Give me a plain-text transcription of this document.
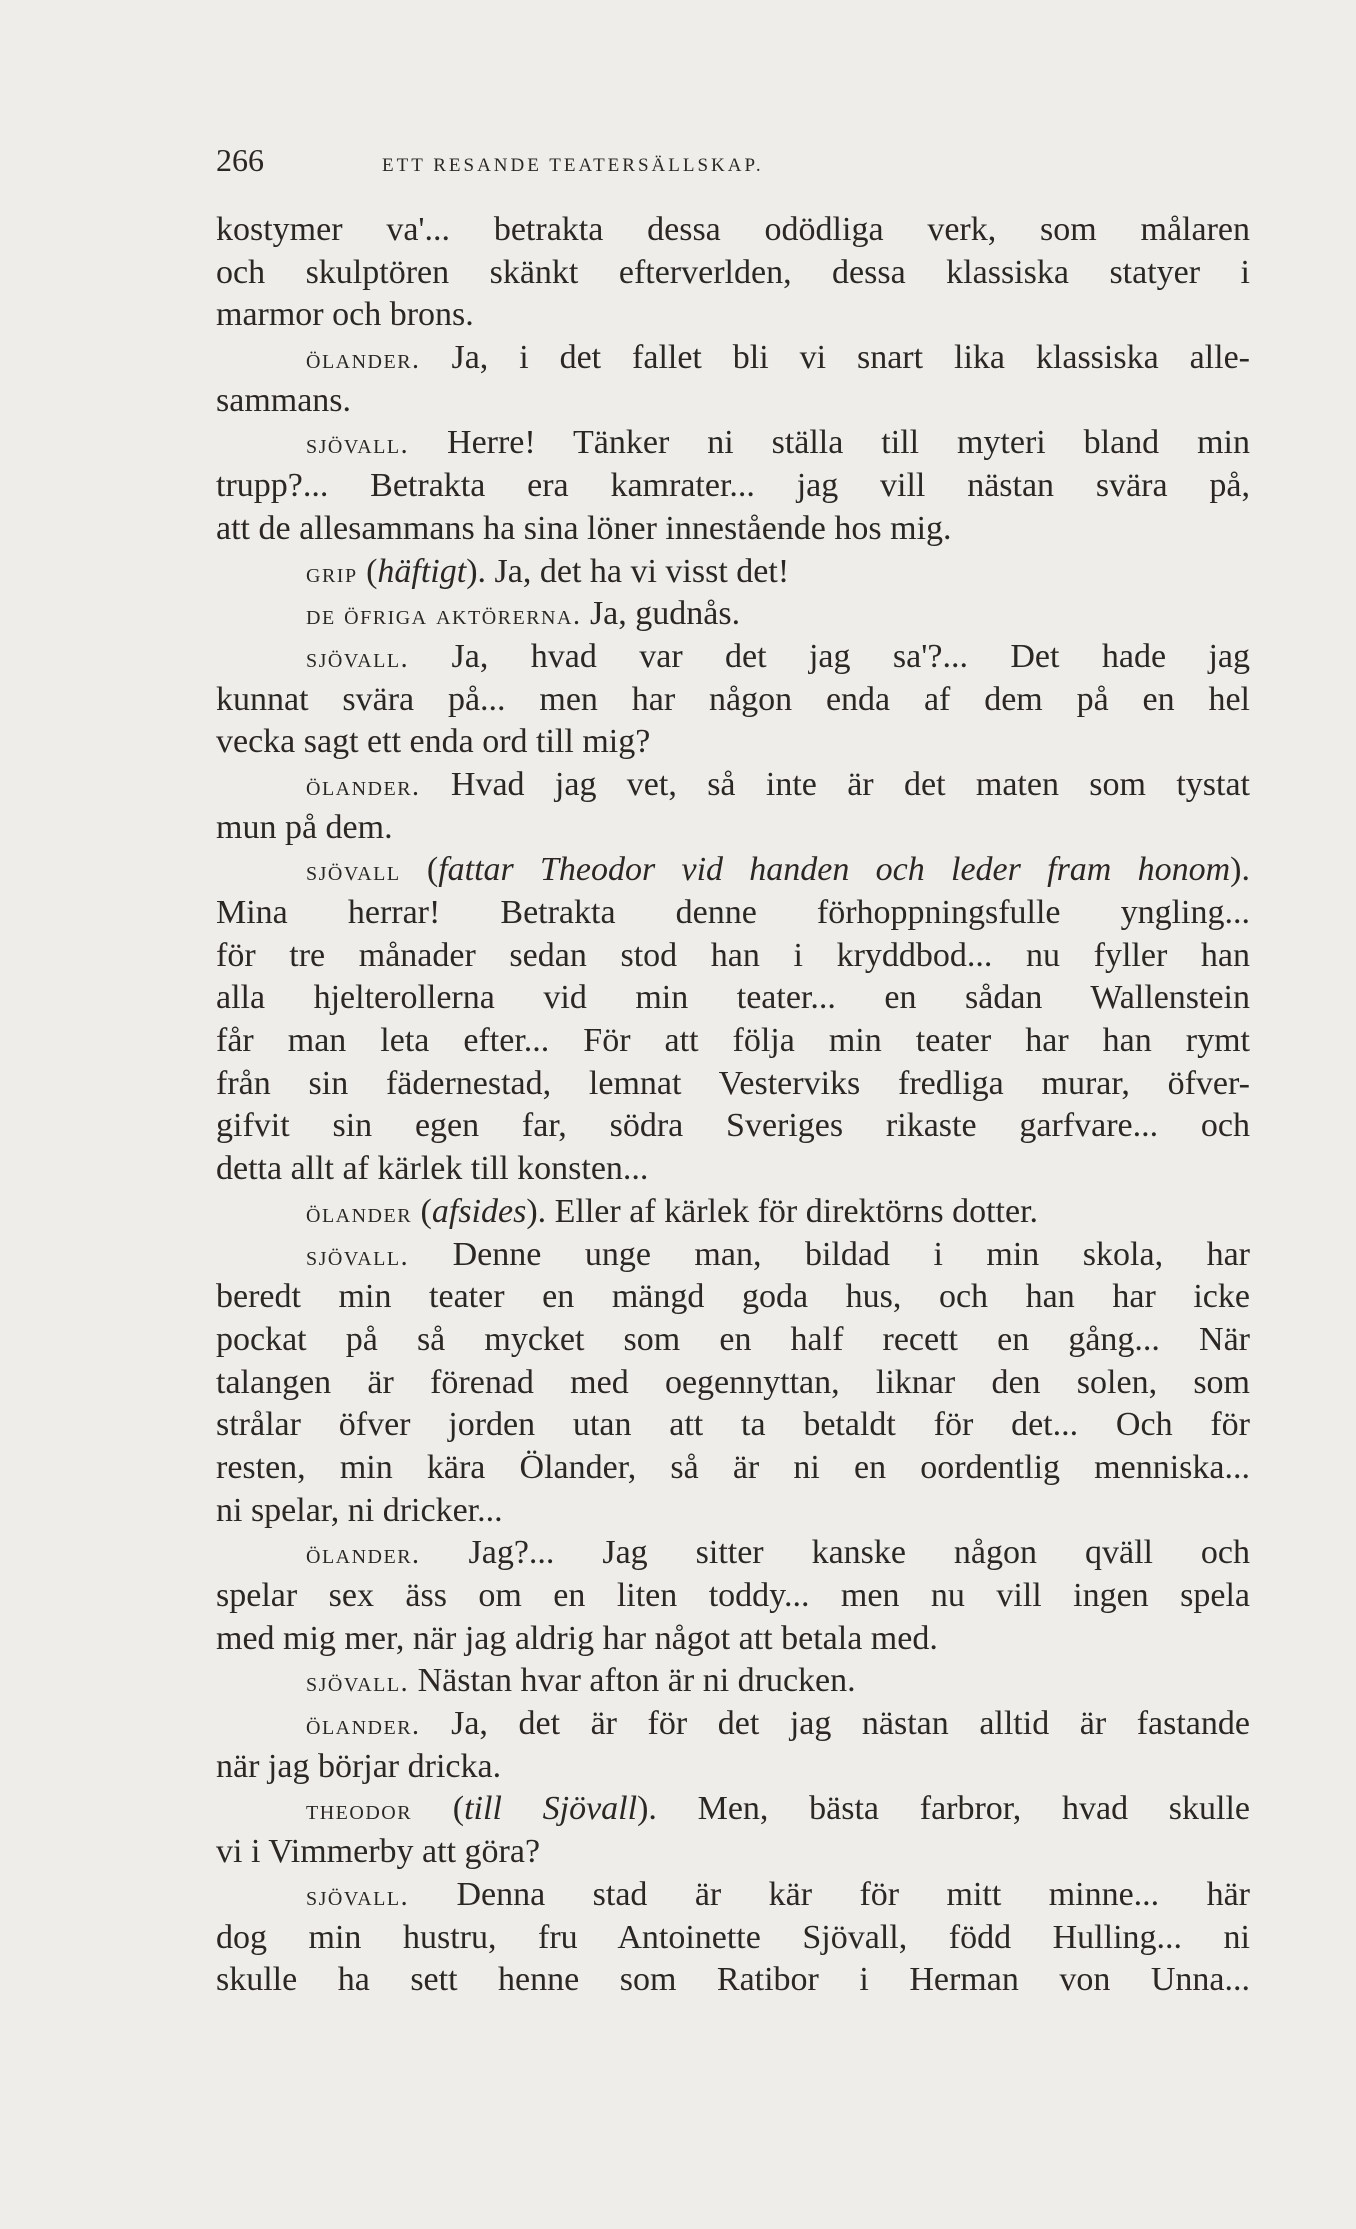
266	ETT RESANDE TEATERSÄLLSKAP.
kostymer va'... betrakta dessa odödliga verk, som målaren
och skulptören skänkt efterverlden, dessa klassiska statyer i
marmor och brons.
ölander. Ja, i det fallet bli vi snart lika klassiska alle-
sammans.
sjövall. Herre! Tänker ni ställa till myteri bland min
trupp?... Betrakta era kamrater... jag vill nästan svära på,
att de allesammans ha sina löner innestående hos mig.
grip (häftigt). Ja, det ha vi visst det!
de öfriga aktörerna. Ja, gudnås.
sjövall. Ja, hvad var det jag sa'?... Det hade jag
kunnat svära på... men har någon enda af dem på en hel
vecka sagt ett enda ord till mig?
ölander. Hvad jag vet, så inte är det maten som tystat
mun på dem.
sjövall (fattar Theodor vid handen och leder fram honom).
Mina herrar! Betrakta denne förhoppningsfulle yngling...
för tre månader sedan stod han i kryddbod... nu fyller han
alla hjelterollerna vid min teater... en sådan Wallenstein
får man leta efter... För att följa min teater har han rymt
från sin fädernestad, lemnat Vesterviks fredliga murar, öfver-
gifvit sin egen far, södra Sveriges rikaste garfvare... och
detta allt af kärlek till konsten...
ölander (afsides). Eller af kärlek för direktörns dotter.
sjövall. Denne unge man, bildad i min skola, har
beredt min teater en mängd goda hus, och han har icke
pockat på så mycket som en half recett en gång... När
talangen är förenad med oegennyttan, liknar den solen, som
strålar öfver jorden utan att ta betaldt för det... Och för
resten, min kära Ölander, så är ni en oordentlig menniska...
ni spelar, ni dricker...
ölander. Jag?... Jag sitter kanske någon qväll och
spelar sex äss om en liten toddy... men nu vill ingen spela
med mig mer, när jag aldrig har något att betala med.
sjövall. Nästan hvar afton är ni drucken.
ölander. Ja, det är för det jag nästan alltid är fastande
när jag börjar dricka.
theodor (till Sjövall). Men, bästa farbror, hvad skulle
vi i Vimmerby att göra?
sjövall. Denna stad är kär för mitt minne... här
dog min hustru, fru Antoinette Sjövall, född Hulling... ni
skulle ha sett henne som Ratibor i Herman von Unna...
